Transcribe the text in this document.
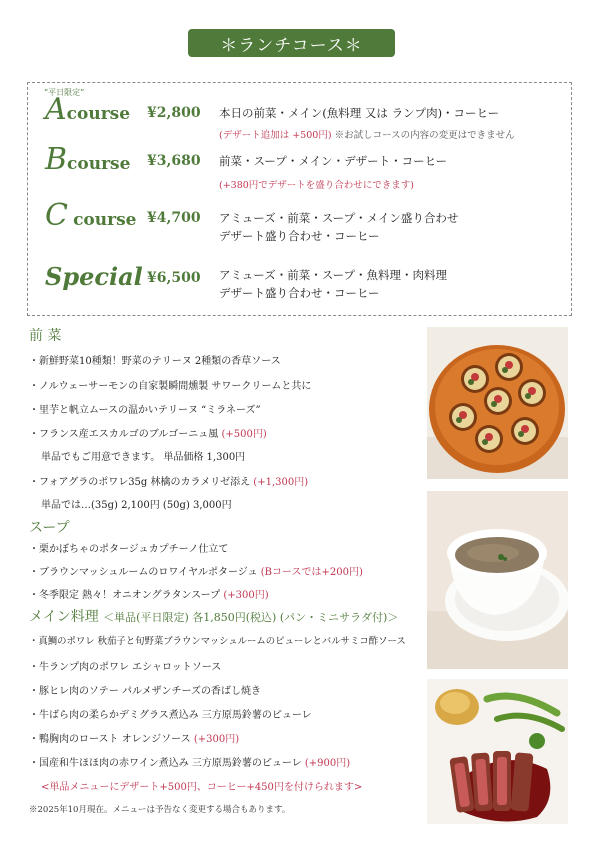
＊ランチコース＊
“平日限定”
Acourse ¥2,800 本日の前菜・メイン(魚料理 又は ランプ肉)・コーヒー
(デザート追加は +500円) ※お試しコースの内容の変更はできません
Bcourse ¥3,680 前菜・スープ・メイン・デザート・コーヒー
(+380円でデザートを盛り合わせにできます)
C course ¥4,700 アミューズ・前菜・スープ・メイン盛り合わせ
デザート盛り合わせ・コーヒー
Special ¥6,500 アミューズ・前菜・スープ・魚料理・肉料理
デザート盛り合わせ・コーヒー
前 菜
・新鮮野菜10種類！野菜のテリーヌ 2種類の香草ソース
・ノルウェーサーモンの自家製瞬間燻製 サワークリームと共に
・里芋と帆立ムースの温かいテリーヌ “ミラネーズ”
・フランス産エスカルゴのブルゴーニュ風 (+500円)
単品でもご用意できます。 単品価格 1,300円
・フォアグラのポワレ35g 林檎のカラメリゼ添え (+1,300円)
単品では…(35g) 2,100円 (50g) 3,000円
スープ
・栗かぼちゃのポタージュカプチーノ仕立て
・ブラウンマッシュルームのロワイヤルポタージュ (Bコースでは+200円)
・冬季限定 熱々！オニオングラタンスープ (+300円)
メイン料理 ＜単品(平日限定) 各1,850円(税込) (パン・ミニサラダ付)＞
・真鯛のポワレ 秋茄子と旬野菜ブラウンマッシュルームのピューレとバルサミコ酢ソース
・牛ランプ肉のポワレ エシャロットソース
・豚ヒレ肉のソテー パルメザンチーズの香ばし焼き
・牛ばら肉の柔らかデミグラス煮込み 三方原馬鈴薯のピューレ
・鴨胸肉のロースト オレンジソース (+300円)
・国産和牛ほほ肉の赤ワイン煮込み 三方原馬鈴薯のピューレ (+900円)
<単品メニューにデザート+500円、コーヒー+450円を付けられます>
※2025年10月現在。メニューは予告なく変更する場合もあります。
